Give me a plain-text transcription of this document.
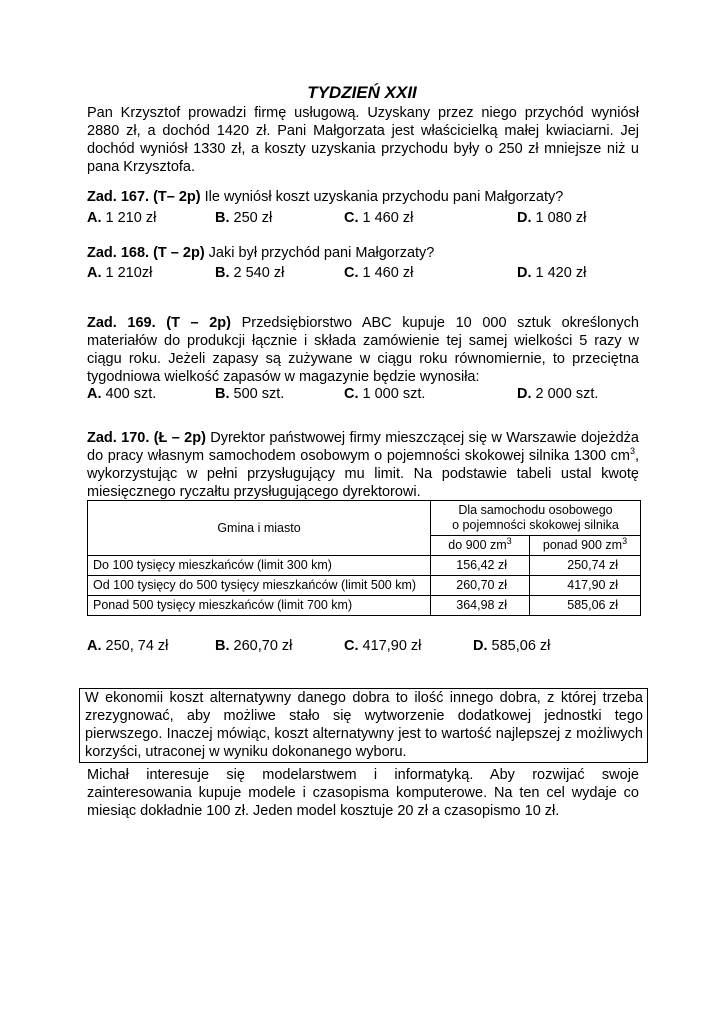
TYDZIEŃ XXII
Pan Krzysztof prowadzi firmę usługową. Uzyskany przez niego przychód wyniósł 2880 zł, a dochód 1420 zł. Pani Małgorzata jest właścicielką małej kwiaciarni. Jej dochód wyniósł 1330 zł, a koszty uzyskania przychodu były o 250 zł mniejsze niż u pana Krzysztofa.
Zad. 167. (T– 2p) Ile wyniósł koszt uzyskania przychodu pani Małgorzaty?
A. 1 210 zł	B. 250 zł	C. 1 460 zł	D. 1 080 zł
Zad. 168. (T – 2p) Jaki był przychód pani Małgorzaty?
A. 1 210zł	B. 2 540 zł	C. 1 460 zł	D. 1 420 zł
Zad. 169. (T – 2p) Przedsiębiorstwo ABC kupuje 10 000 sztuk określonych materiałów do produkcji łącznie i składa zamówienie tej samej wielkości 5 razy w ciągu roku. Jeżeli zapasy są zużywane w ciągu roku równomiernie, to przeciętna tygodniowa wielkość zapasów w magazynie będzie wynosiła:
A. 400 szt.	B. 500 szt.	C. 1 000 szt.	D. 2 000 szt.
Zad. 170. (Ł – 2p) Dyrektor państwowej firmy mieszczącej się w Warszawie dojeżdża do pracy własnym samochodem osobowym o pojemności skokowej silnika 1300 $cm^3$, wykorzystując w pełni przysługujący mu limit. Na podstawie tabeli ustal kwotę miesięcznego ryczałtu przysługującego dyrektorowi.
Gmina i miasto	Dla samochodu osobowego
o pojemności skokowej silnika	
	do 900 $zm^3$	ponad 900 $zm^3$
Do 100 tysięcy mieszkańców (limit 300 km)	156,42 zł	250,74 zł
Od 100 tysięcy do 500 tysięcy mieszkańców (limit 500 km)	260,70 zł	417,90 zł
Ponad 500 tysięcy mieszkańców (limit 700 km)	364,98 zł	585,06 zł
A. 250, 74 zł	B. 260,70 zł	C. 417,90 zł	D. 585,06 zł
W ekonomii koszt alternatywny danego dobra to ilość innego dobra, z której trzeba zrezygnować, aby możliwe stało się wytworzenie dodatkowej jednostki tego pierwszego. Inaczej mówiąc, koszt alternatywny jest to wartość najlepszej z możliwych korzyści, utraconej w wyniku dokonanego wyboru.
Michał interesuje się modelarstwem i informatyką. Aby rozwijać swoje zainteresowania kupuje modele i czasopisma komputerowe. Na ten cel wydaje co miesiąc dokładnie 100 zł. Jeden model kosztuje 20 zł a czasopismo 10 zł.
